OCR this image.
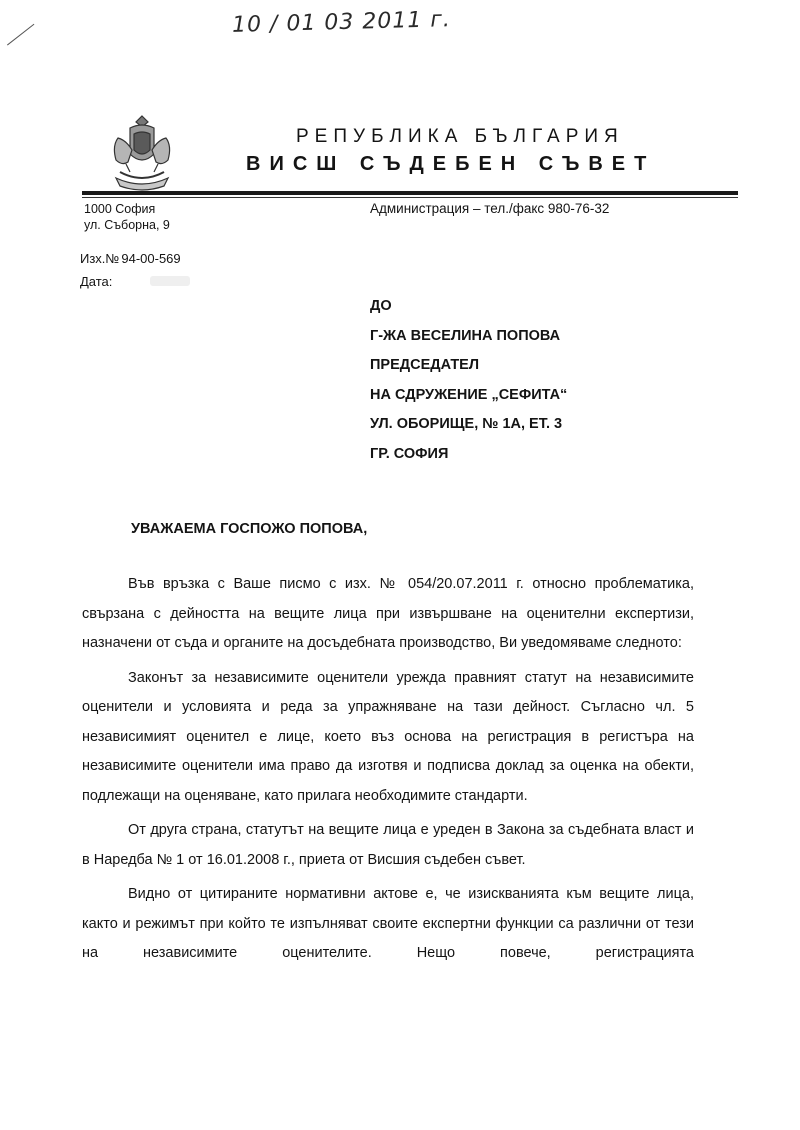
10 / 01 03 2011 г.
РЕПУБЛИКА БЪЛГАРИЯ
ВИСШ СЪДЕБЕН СЪВЕТ
1000 София
ул. Съборна, 9
Администрация – тел./факс 980-76-32
Изх.№ 94-00-569
Дата:
ДО
Г-ЖА ВЕСЕЛИНА ПОПОВА
ПРЕДСЕДАТЕЛ
НА СДРУЖЕНИЕ „СЕФИТА“
УЛ. ОБОРИЩЕ, № 1А, ЕТ. 3
ГР. СОФИЯ
УВАЖАЕМА ГОСПОЖО ПОПОВА,

Във връзка с Ваше писмо с изх. № 054/20.07.2011 г. относно проблематика, свързана с дейността на вещите лица при извършване на оценителни експертизи, назначени от съда и органите на досъдебната производство, Ви уведомяваме следното:

Законът за независимите оценители урежда правният статут на независимите оценители и условията и реда за упражняване на тази дейност. Съгласно чл. 5 независимият оценител е лице, което въз основа на регистрация в регистъра на независимите оценители има право да изготвя и подписва доклад за оценка на обекти, подлежащи на оценяване, като прилага необходимите стандарти.

От друга страна, статутът на вещите лица е уреден в Закона за съдебната власт и в Наредба № 1 от 16.01.2008 г., приета от Висшия съдебен съвет.

Видно от цитираните нормативни актове е, че изискванията към вещите лица, както и режимът при който те изпълняват своите експертни функции са различни от тези на независимите оценителите. Нещо повече, регистрацията
